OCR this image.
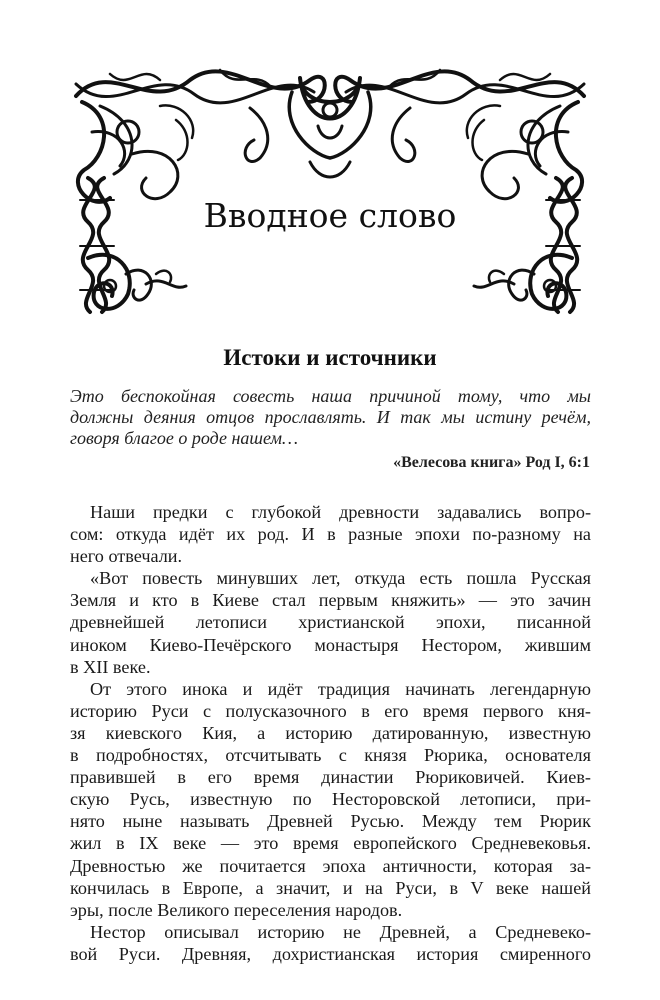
Вводное слово
Истоки и источники
Это беспокойная совесть наша причиной тому, что мы
должны деяния отцов прославлять. И так мы истину речём,
говоря благое о роде нашем…
«Велесова книга» Род I, 6:1
Наши предки с глубокой древности задавались вопро-
сом: откуда идёт их род. И в разные эпохи по-разному на
него отвечали.
«Вот повесть минувших лет, откуда есть пошла Русская
Земля и кто в Киеве стал первым княжить» — это зачин
древнейшей летописи христианской эпохи, писанной
иноком Киево-Печёрского монастыря Нестором, жившим
в XII веке.
От этого инока и идёт традиция начинать легендарную
историю Руси с полусказочного в его время первого кня-
зя киевского Кия, а историю датированную, известную
в подробностях, отсчитывать с князя Рюрика, основателя
правившей в его время династии Рюриковичей. Киев-
скую Русь, известную по Несторовской летописи, при-
нято ныне называть Древней Русью. Между тем Рюрик
жил в IX веке — это время европейского Средневековья.
Древностью же почитается эпоха античности, которая за-
кончилась в Европе, а значит, и на Руси, в V веке нашей
эры, после Великого переселения народов.
Нестор описывал историю не Древней, а Средневеко-
вой Руси. Древняя, дохристианская история смиренного
